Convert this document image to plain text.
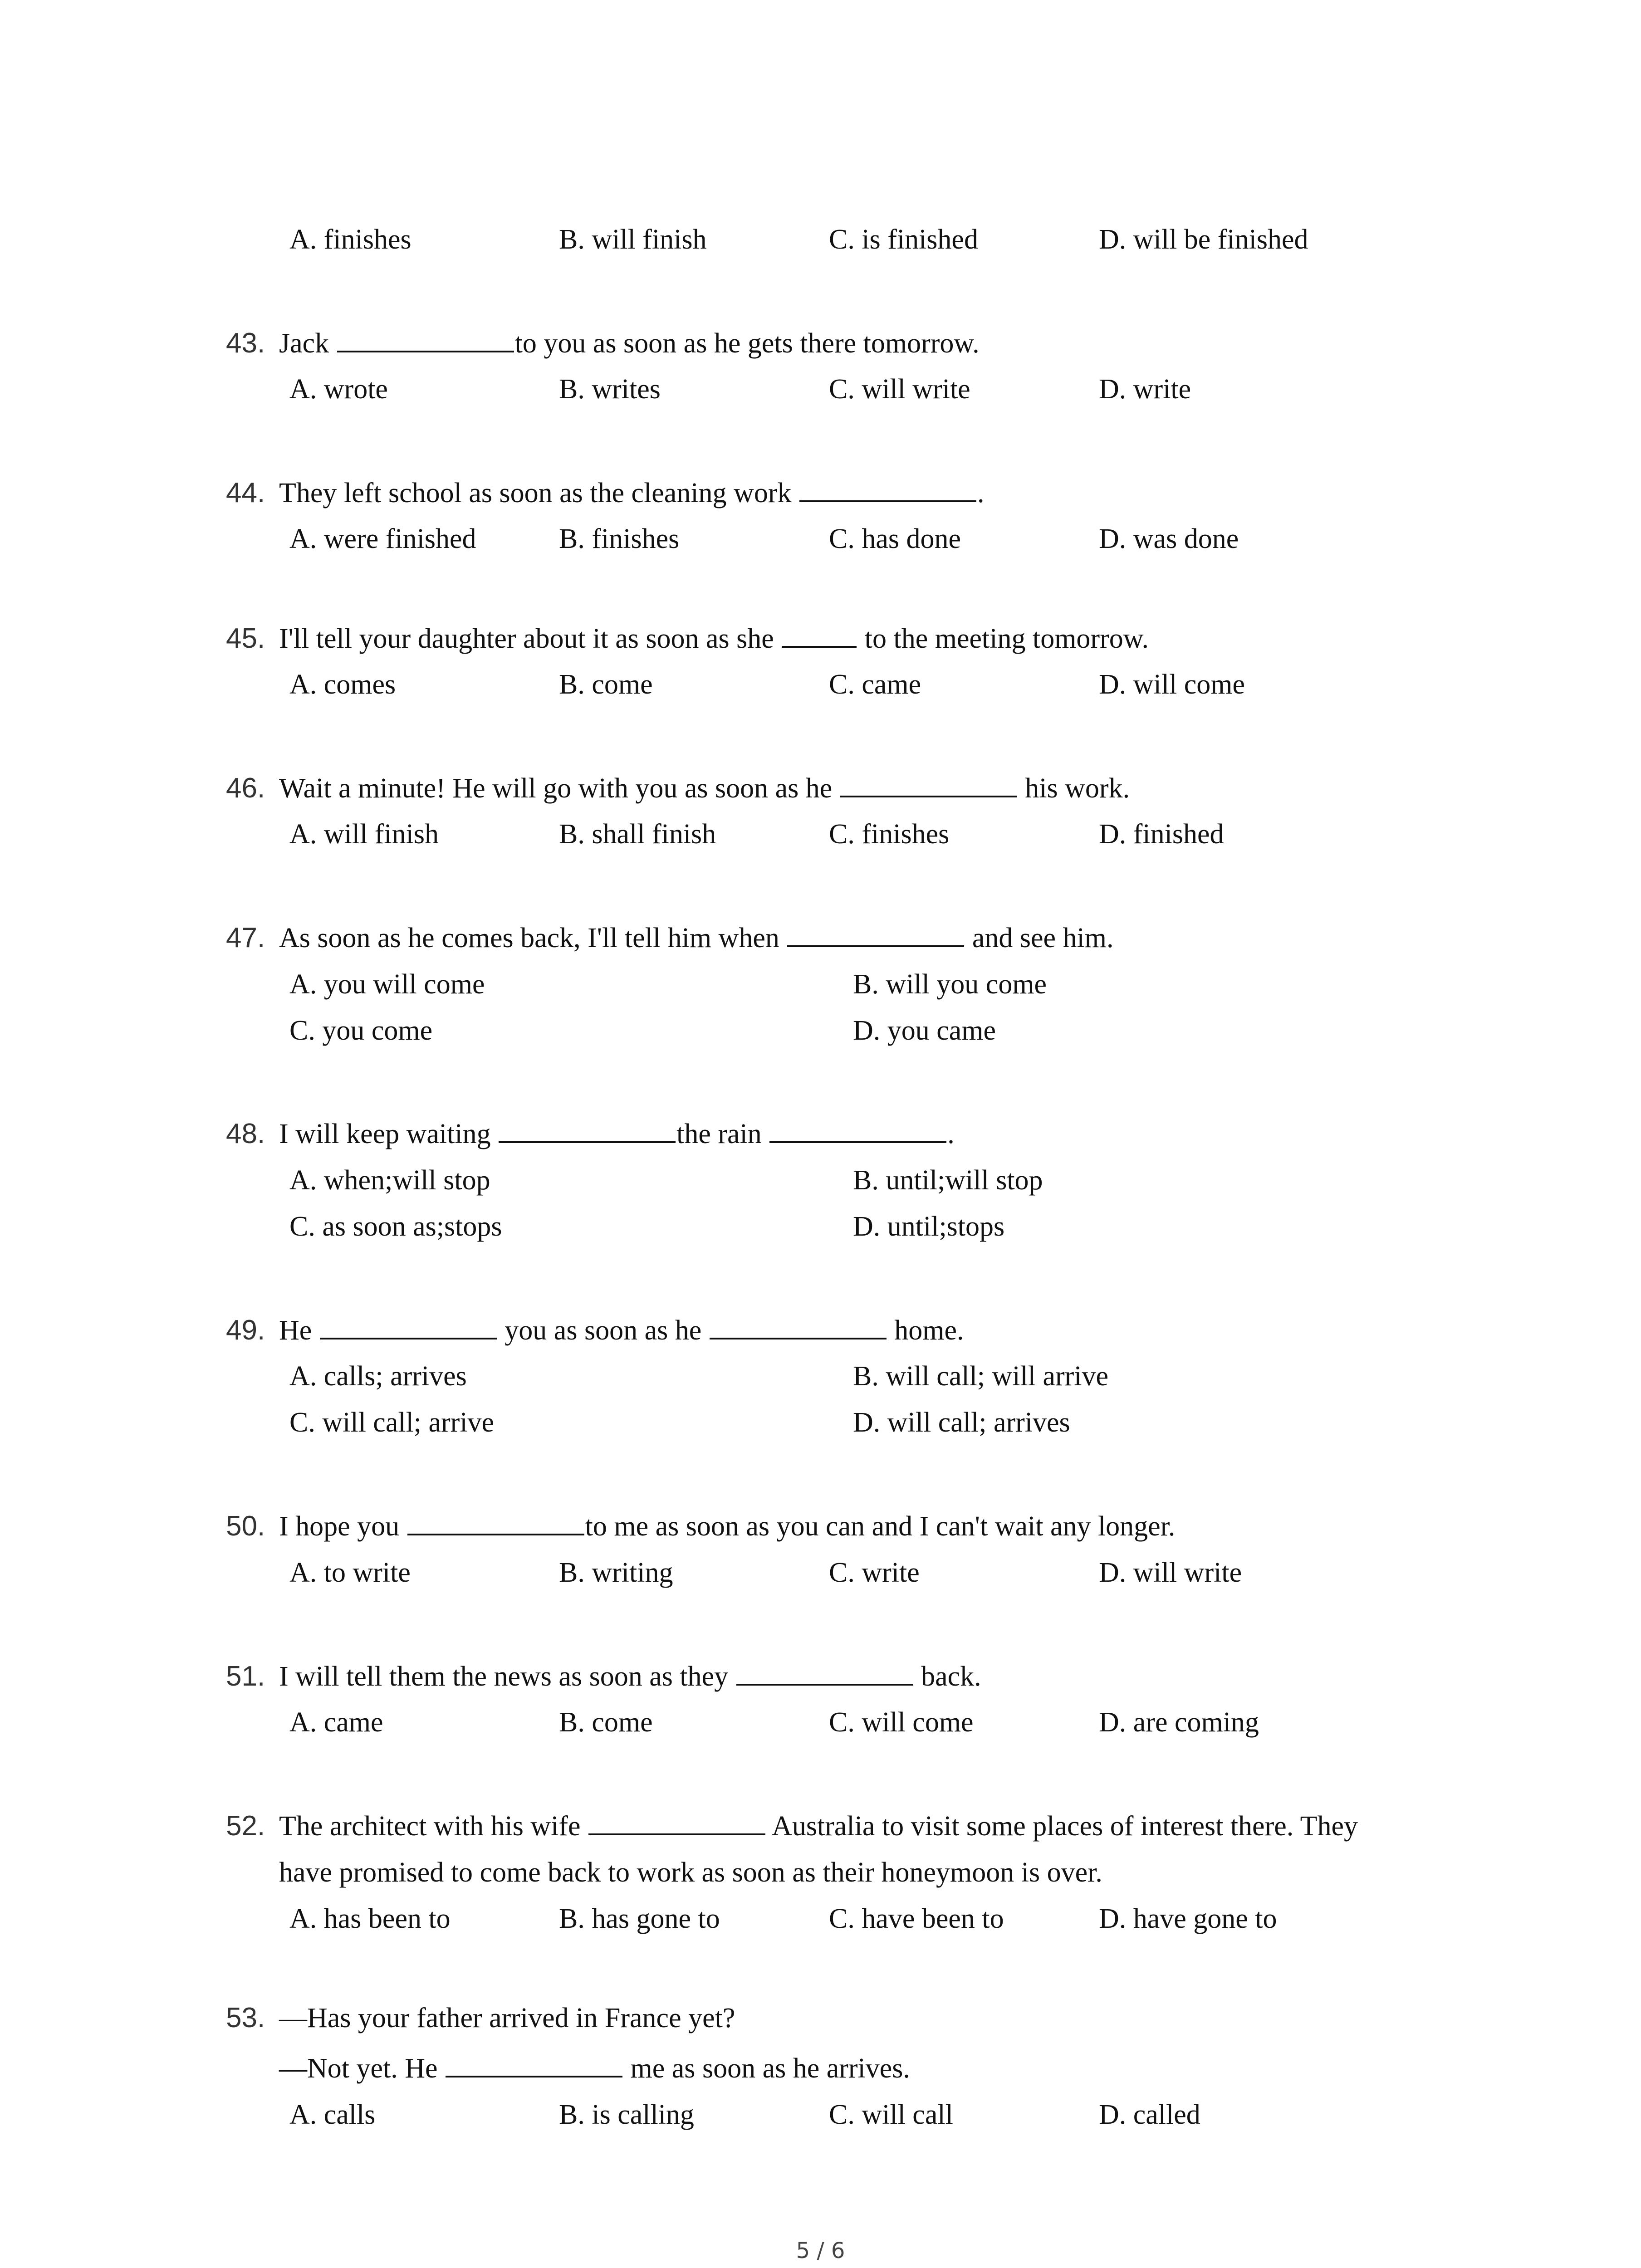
A. finishes	B. will finish	C. is finished	D. will be finished
43. Jack	to you as soon as he gets there tomorrow.
A. wrote	B. writes	C. will write	D. write
44. They left school as soon as the cleaning work	.
A. were finished	B. finishes	C. has done	D. was done
45. I'll tell your daughter about it as soon as she	to the meeting tomorrow.
A. comes	B. come	C. came	D. will come
46. Wait a minute! He will go with you as soon as he	his work.
A. will finish	B. shall finish	C. finishes	D. finished
47. As soon as he comes back, I'll tell him when	and see him.
A. you will come	B. will you come
C. you come	D. you came
48. I will keep waiting	the rain	.
A. when;will stop	B. until;will stop
C. as soon as;stops	D. until;stops
49. He	you as soon as he	home.
A. calls; arrives	B. will call; will arrive
C. will call; arrive	D. will call; arrives
50. I hope you	to me as soon as you can and I can't wait any longer.
A. to write	B. writing	C. write	D. will write
51. I will tell them the news as soon as they	back.
A. came	B. come	C. will come	D. are coming
52. The architect with his wife	Australia to visit some places of interest there. They
have promised to come back to work as soon as their honeymoon is over.
A. has been to	B. has gone to	C. have been to	D. have gone to
53. —Has your father arrived in France yet?
—Not yet. He	me as soon as he arrives.
A. calls	B. is calling	C. will call	D. called
5 / 6
